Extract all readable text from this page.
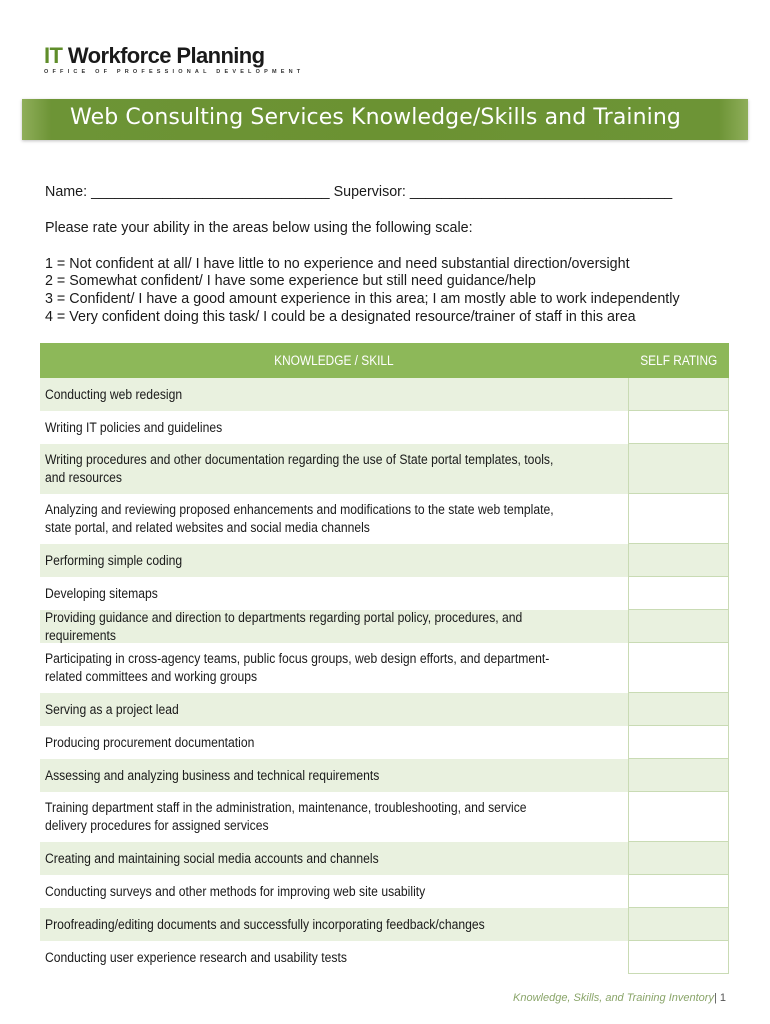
IT Workforce Planning
OFFICE OF PROFESSIONAL DEVELOPMENT
Web Consulting Services Knowledge/Skills and Training
Name: ______________________________ Supervisor: _________________________________
Please rate your ability in the areas below using the following scale:
1 = Not confident at all/ I have little to no experience and need substantial direction/oversight
2 = Somewhat confident/ I have some experience but still need guidance/help
3 = Confident/ I have a good amount experience in this area; I am mostly able to work independently
4 = Very confident doing this task/ I could be a designated resource/trainer of staff in this area
KNOWLEDGE / SKILL	SELF RATING
Conducting web redesign
Writing IT policies and guidelines
Writing procedures and other documentation regarding the use of State portal templates, tools, and resources
Analyzing and reviewing proposed enhancements and modifications to the state web template, state portal, and related websites and social media channels
Performing simple coding
Developing sitemaps
Providing guidance and direction to departments regarding portal policy, procedures, and requirements
Participating in cross-agency teams, public focus groups, web design efforts, and department-related committees and working groups
Serving as a project lead
Producing procurement documentation
Assessing and analyzing business and technical requirements
Training department staff in the administration, maintenance, troubleshooting, and service delivery procedures for assigned services
Creating and maintaining social media accounts and channels
Conducting surveys and other methods for improving web site usability
Proofreading/editing documents and successfully incorporating feedback/changes
Conducting user experience research and usability tests
Knowledge, Skills, and Training Inventory| 1
